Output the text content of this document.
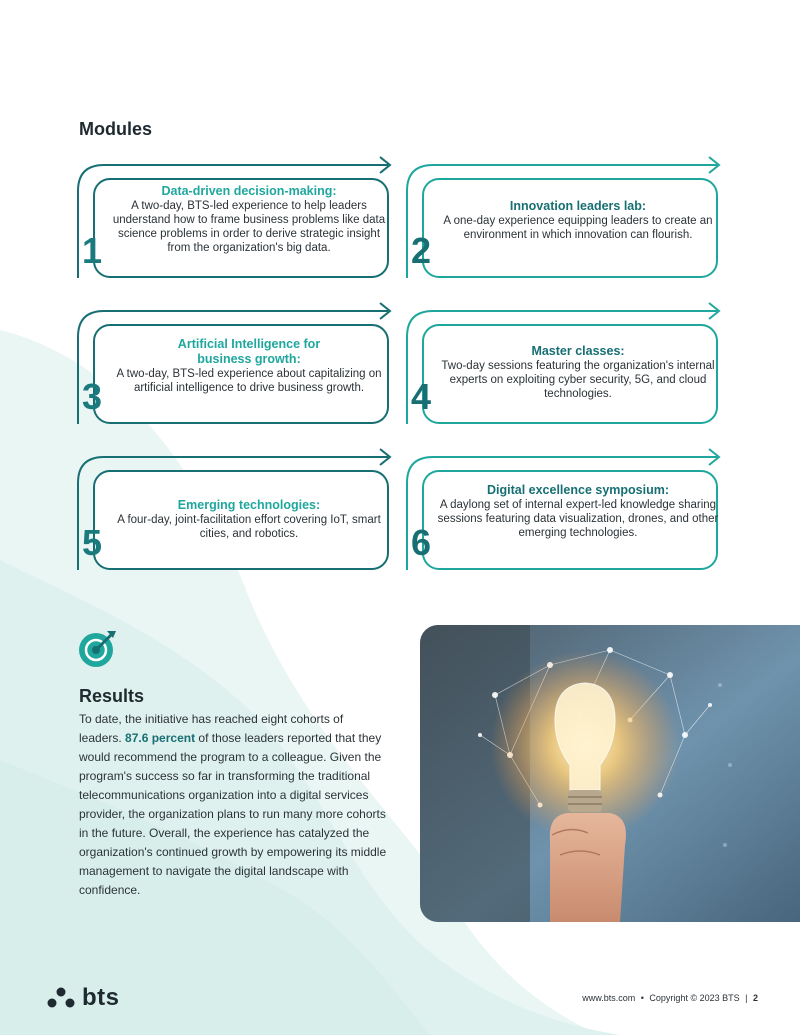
Modules
1
Data-driven decision-making:
A two-day, BTS-led experience to help leaders understand how to frame business problems like data science problems in order to derive strategic insight from the organization's big data.	2
Innovation leaders lab:
A one-day experience equipping leaders to create an environment in which innovation can flourish.
3
Artificial Intelligence for business growth:
A two-day, BTS-led experience about capitalizing on artificial intelligence to drive business growth.	4
Master classes:
Two-day sessions featuring the organization's internal experts on exploiting cyber security, 5G, and cloud technologies.
5
Emerging technologies:
A four-day, joint-facilitation effort covering IoT, smart cities, and robotics.	6
Digital excellence symposium:
A daylong set of internal expert-led knowledge sharing sessions featuring data visualization, drones, and other emerging technologies.
Results
To date, the initiative has reached eight cohorts of leaders. 87.6 percent of those leaders reported that they would recommend the program to a colleague. Given the program's success so far in transforming the traditional telecommunications organization into a digital services provider, the organization plans to run many more cohorts in the future. Overall, the experience has catalyzed the organization's continued growth by empowering its middle management to navigate the digital landscape with confidence.
bts	www.bts.com • Copyright © 2023 BTS | 2
